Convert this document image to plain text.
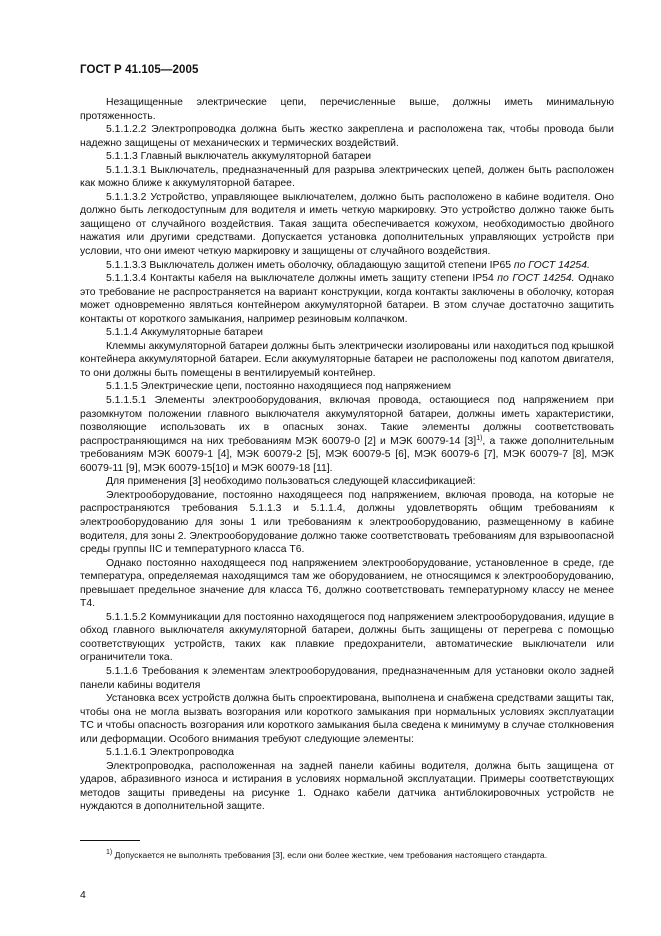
ГОСТ Р 41.105—2005

Незащищенные электрические цепи, перечисленные выше, должны иметь минимальную протяженность.

5.1.1.2.2 Электропроводка должна быть жестко закреплена и расположена так, чтобы провода были надежно защищены от механических и термических воздействий.

5.1.1.3 Главный выключатель аккумуляторной батареи

5.1.1.3.1 Выключатель, предназначенный для разрыва электрических цепей, должен быть расположен как можно ближе к аккумуляторной батарее.

5.1.1.3.2 Устройство, управляющее выключателем, должно быть расположено в кабине водителя. Оно должно быть легкодоступным для водителя и иметь четкую маркировку. Это устройство должно также быть защищено от случайного воздействия. Такая защита обеспечивается кожухом, необходимостью двойного нажатия или другими средствами. Допускается установка дополнительных управляющих устройств при условии, что они имеют четкую маркировку и защищены от случайного воздействия.

5.1.1.3.3 Выключатель должен иметь оболочку, обладающую защитой степени IP65 по ГОСТ 14254.

5.1.1.3.4 Контакты кабеля на выключателе должны иметь защиту степени IP54 по ГОСТ 14254. Однако это требование не распространяется на вариант конструкции, когда контакты заключены в оболочку, которая может одновременно являться контейнером аккумуляторной батареи. В этом случае достаточно защитить контакты от короткого замыкания, например резиновым колпачком.

5.1.1.4 Аккумуляторные батареи

Клеммы аккумуляторной батареи должны быть электрически изолированы или находиться под крышкой контейнера аккумуляторной батареи. Если аккумуляторные батареи не расположены под капотом двигателя, то они должны быть помещены в вентилируемый контейнер.

5.1.1.5 Электрические цепи, постоянно находящиеся под напряжением

5.1.1.5.1 Элементы электрооборудования, включая провода, остающиеся под напряжением при разомкнутом положении главного выключателя аккумуляторной батареи, должны иметь характеристики, позволяющие использовать их в опасных зонах. Такие элементы должны соответствовать распространяющимся на них требованиям МЭК 60079-0 [2] и МЭК 60079-14 $[3]^{1)}$, а также дополнительным требованиям МЭК 60079-1 [4], МЭК 60079-2 [5], МЭК 60079-5 [6], МЭК 60079-6 [7], МЭК 60079-7 [8], МЭК 60079-11 [9], МЭК 60079-15[10] и МЭК 60079-18 [11].

Для применения [3] необходимо пользоваться следующей классификацией:

Электрооборудование, постоянно находящееся под напряжением, включая провода, на которые не распространяются требования 5.1.1.3 и 5.1.1.4, должны удовлетворять общим требованиям к электрооборудованию для зоны 1 или требованиям к электрооборудованию, размещенному в кабине водителя, для зоны 2. Электрооборудование должно также соответствовать требованиям для взрывоопасной среды группы IIC и температурного класса T6.

Однако постоянно находящееся под напряжением электрооборудование, установленное в среде, где температура, определяемая находящимся там же оборудованием, не относящимся к электрооборудованию, превышает предельное значение для класса T6, должно соответствовать температурному классу не менее T4.

5.1.1.5.2 Коммуникации для постоянно находящегося под напряжением электрооборудования, идущие в обход главного выключателя аккумуляторной батареи, должны быть защищены от перегрева с помощью соответствующих устройств, таких как плавкие предохранители, автоматические выключатели или ограничители тока.

5.1.1.6 Требования к элементам электрооборудования, предназначенным для установки около задней панели кабины водителя

Установка всех устройств должна быть спроектирована, выполнена и снабжена средствами защиты так, чтобы она не могла вызвать возгорания или короткого замыкания при нормальных условиях эксплуатации ТС и чтобы опасность возгорания или короткого замыкания была сведена к минимуму в случае столкновения или деформации. Особого внимания требуют следующие элементы:

5.1.1.6.1 Электропроводка

Электропроводка, расположенная на задней панели кабины водителя, должна быть защищена от ударов, абразивного износа и истирания в условиях нормальной эксплуатации. Примеры соответствующих методов защиты приведены на рисунке 1. Однако кабели датчика антиблокировочных устройств не нуждаются в дополнительной защите.

$^{1)}$ Допускается не выполнять требования [3], если они более жесткие, чем требования настоящего стандарта.
4
